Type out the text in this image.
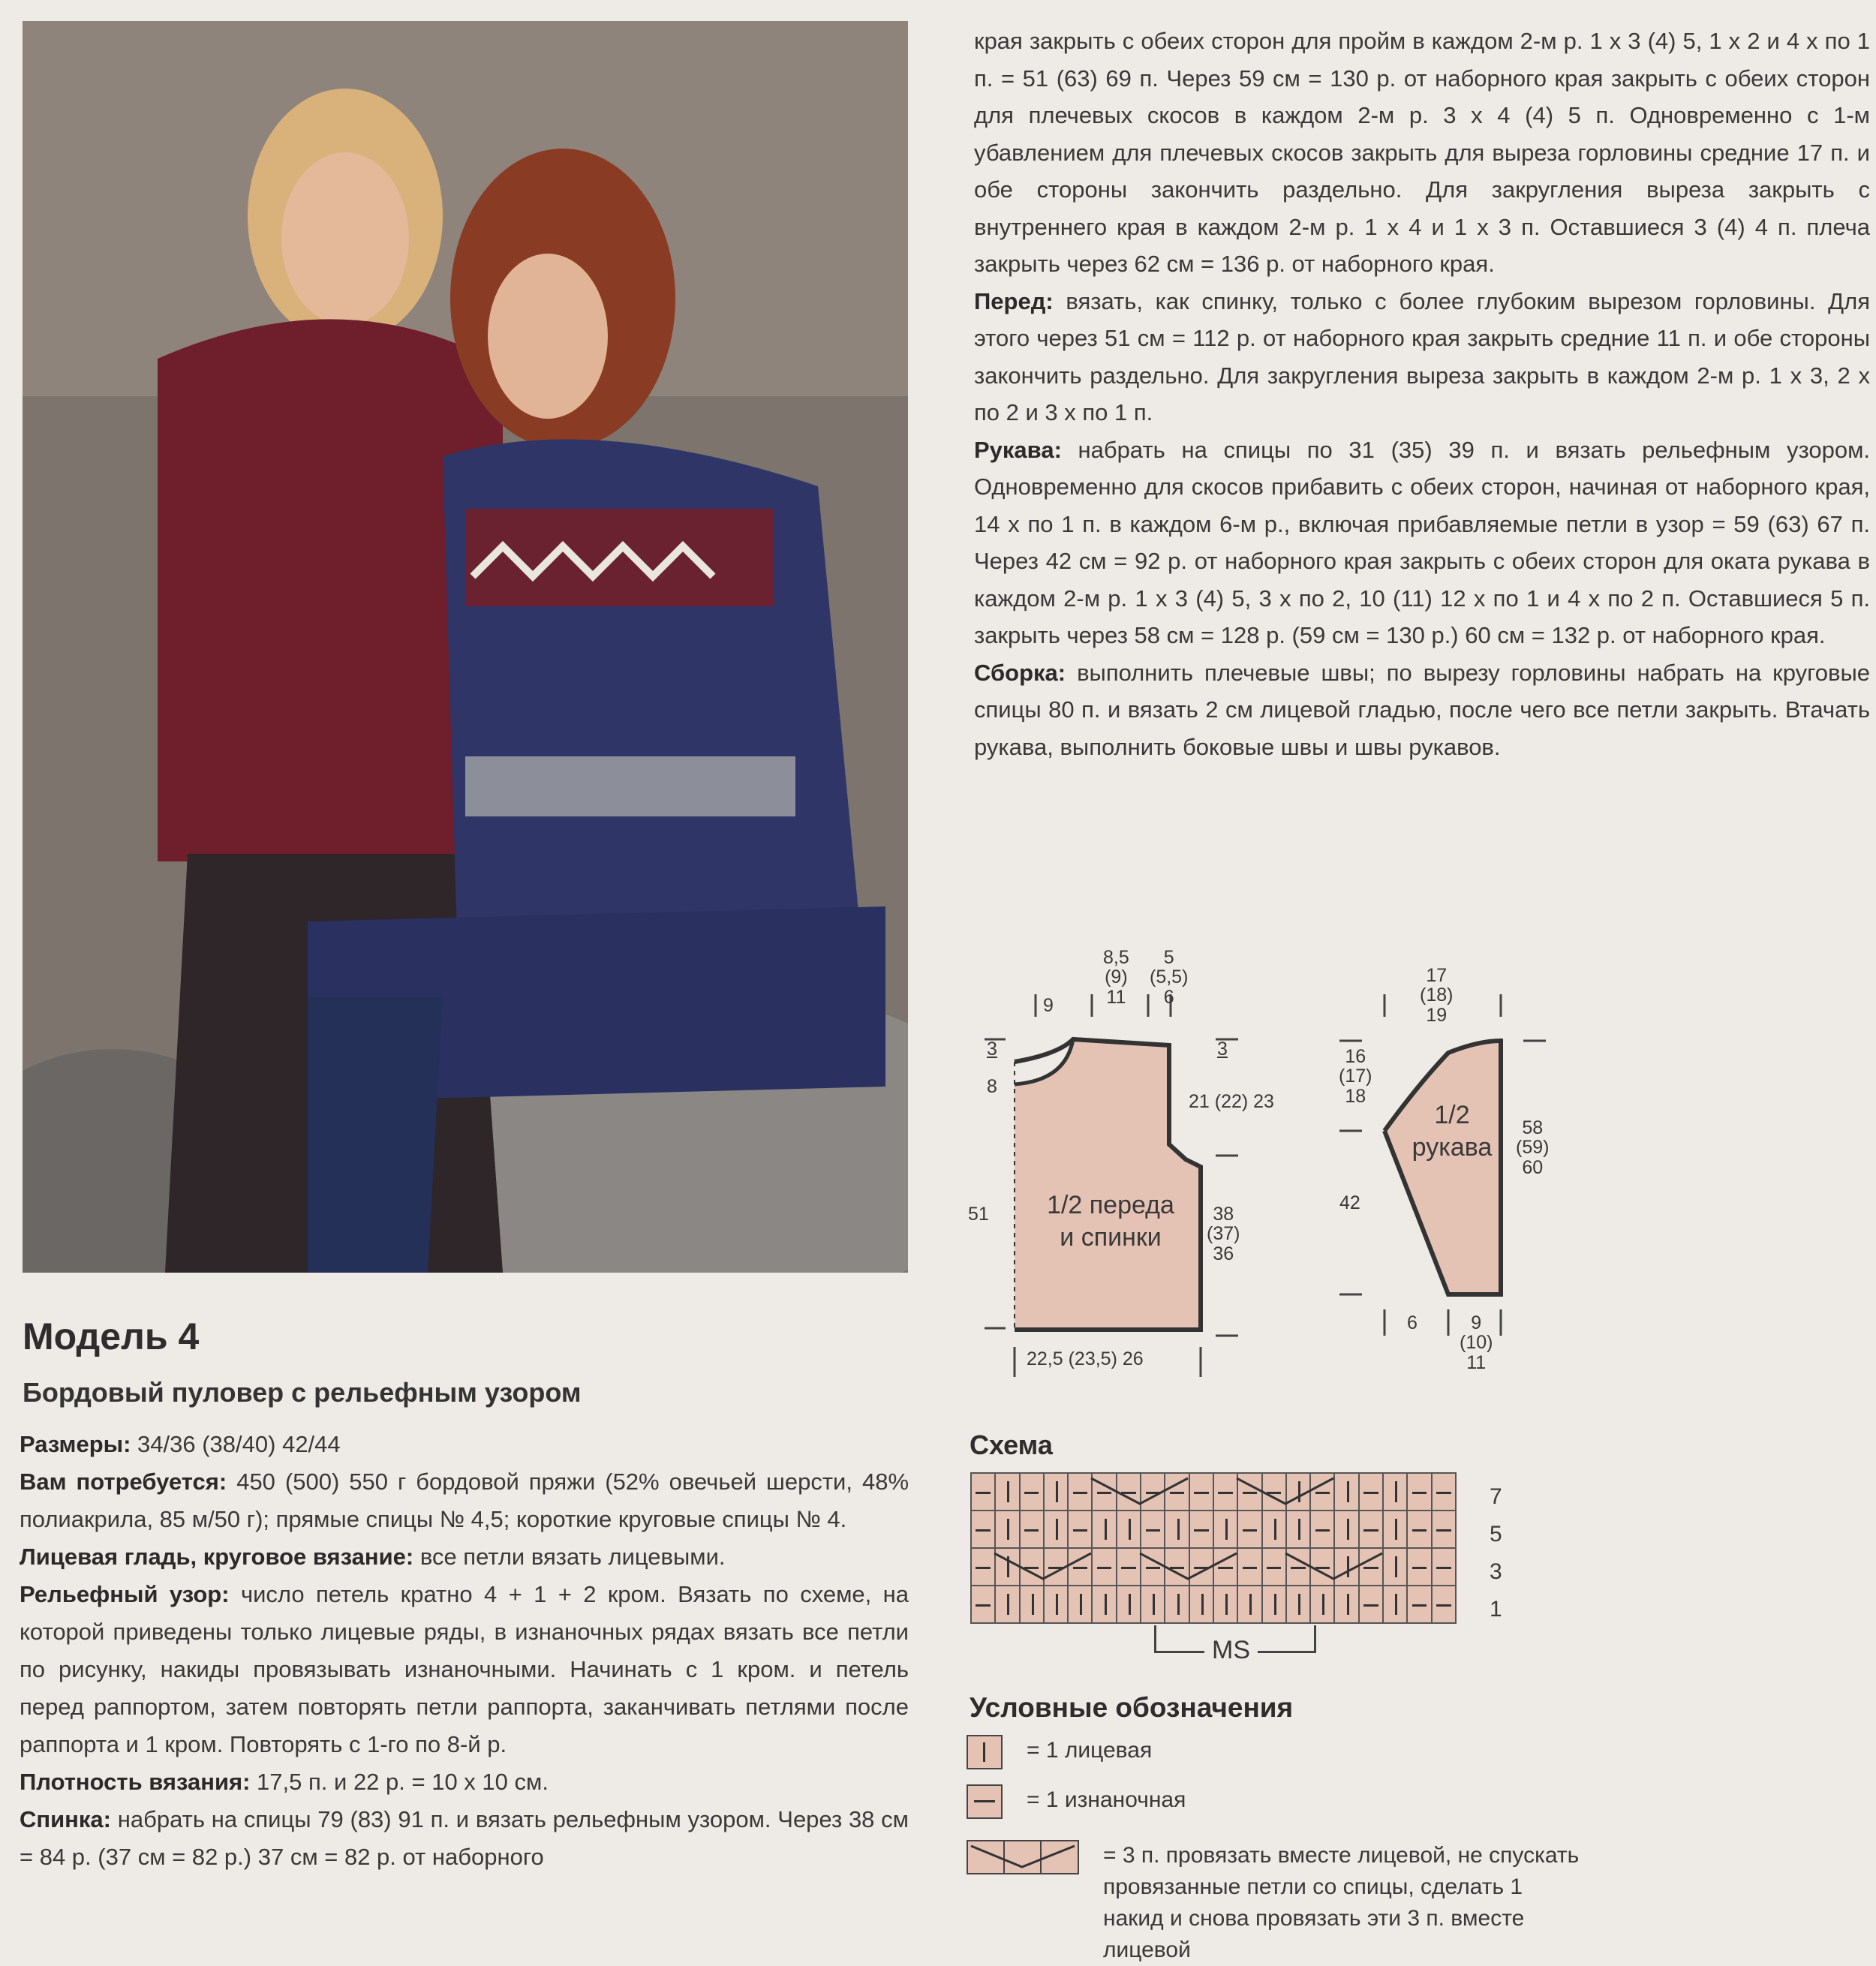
Модель 4
Бордовый пуловер с рельефным узором

Размеры: 34/36 (38/40) 42/44

Вам потребуется: 450 (500) 550 г бордовой пряжи (52% овечьей шерсти, 48% полиакрила, 85 м/50 г); прямые спицы № 4,5; короткие круговые спицы № 4.

Лицевая гладь, круговое вязание: все петли вязать лицевыми.

Рельефный узор: число петель кратно 4 + 1 + 2 кром. Вязать по схеме, на которой приведены только лицевые ряды, в изнаночных рядах вязать все петли по рисунку, накиды провязывать изнаночными. Начинать с 1 кром. и петель перед раппортом, затем повторять петли раппорта, заканчивать петлями после раппорта и 1 кром. Повторять с 1-го по 8-й р.

Плотность вязания: 17,5 п. и 22 р. = 10 х 10 см.

Спинка: набрать на спицы 79 (83) 91 п. и вязать рельефным узором. Через 38 см = 84 р. (37 см = 82 р.) 37 см = 82 р. от наборного

края закрыть с обеих сторон для пройм в каждом 2-м р. 1 х 3 (4) 5, 1 х 2 и 4 х по 1 п. = 51 (63) 69 п. Через 59 см = 130 р. от наборного края закрыть с обеих сторон для плечевых скосов в каждом 2-м р. 3 х 4 (4) 5 п. Одновременно с 1-м убавлением для плечевых скосов закрыть для выреза горловины средние 17 п. и обе стороны закончить раздельно. Для закругления выреза закрыть с внутреннего края в каждом 2-м р. 1 х 4 и 1 х 3 п. Оставшиеся 3 (4) 4 п. плеча закрыть через 62 см = 136 р. от наборного края.

Перед: вязать, как спинку, только с более глубоким вырезом горловины. Для этого через 51 см = 112 р. от наборного края закрыть средние 11 п. и обе стороны закончить раздельно. Для закругления выреза закрыть в каждом 2-м р. 1 х 3, 2 х по 2 и 3 х по 1 п.

Рукава: набрать на спицы по 31 (35) 39 п. и вязать рельефным узором. Одновременно для скосов прибавить с обеих сторон, начиная от наборного края, 14 х по 1 п. в каждом 6-м р., включая прибавляемые петли в узор = 59 (63) 67 п. Через 42 см = 92 р. от наборного края закрыть с обеих сторон для оката рукава в каждом 2-м р. 1 х 3 (4) 5, 3 х по 2, 10 (11) 12 х по 1 и 4 х по 2 п. Оставшиеся 5 п. закрыть через 58 см = 128 р. (59 см = 130 р.) 60 см = 132 р. от наборного края.

Сборка: выполнить плечевые швы; по вырезу горловины набрать на круговые спицы 80 п. и вязать 2 см лицевой гладью, после чего все петли закрыть. Втачать рукава, выполнить боковые швы и швы рукавов.

9
8,5
(9)
11
5
(5,5)
6
3
8
3
21 (22) 23
51	38
(37)
36
22,5 (23,5) 26
17
(18)
19
16
(17)
18
42
58
(59)
60
6	9
(10)
11
1/2 переда
и спинки
1/2
рукава
Схема
7
5
3
1
MS
Условные обозначения
= 1 лицевая
= 1 изнаночная
= 3 п. провязать вместе лицевой, не спускать провязанные петли со спицы, сделать 1 накид и снова провязать эти 3 п. вместе лицевой
